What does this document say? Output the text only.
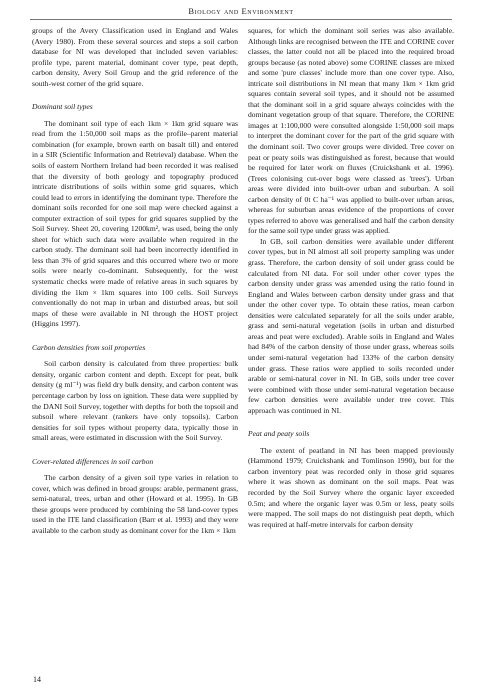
Biology and Environment

groups of the Avery Classification used in England and Wales (Avery 1980). From these several sources and steps a soil carbon database for NI was developed that included seven variables: profile type, parent material, dominant cover type, peat depth, carbon density, Avery Soil Group and the grid reference of the south-west corner of the grid square.

Dominant soil types

The dominant soil type of each 1km × 1km grid square was read from the 1:50,000 soil maps as the profile–parent material combination (for example, brown earth on basalt till) and entered in a SIR (Scientific Information and Retrieval) database. When the soils of eastern Northern Ireland had been recorded it was realised that the diversity of both geology and topography produced intricate distributions of soils within some grid squares, which could lead to errors in identifying the dominant type. Therefore the dominant soils recorded for one soil map were checked against a computer extraction of soil types for grid squares supplied by the Soil Survey. Sheet 20, covering 1200km², was used, being the only sheet for which such data were available when required in the carbon study. The dominant soil had been incorrectly identified in less than 3% of grid squares and this occurred where two or more soils were nearly co-dominant. Subsequently, for the west systematic checks were made of relative areas in such squares by dividing the 1km × 1km squares into 100 cells. Soil Surveys conventionally do not map in urban and disturbed areas, but soil maps of these were available in NI through the HOST project (Higgins 1997).

Carbon densities from soil properties

Soil carbon density is calculated from three properties: bulk density, organic carbon content and depth. Except for peat, bulk density (g ml⁻¹) was field dry bulk density, and carbon content was percentage carbon by loss on ignition. These data were supplied by the DANI Soil Survey, together with depths for both the topsoil and subsoil where relevant (rankers have only topsoils). Carbon densities for soil types without property data, typically those in small areas, were estimated in discussion with the Soil Survey.

Cover-related differences in soil carbon

The carbon density of a given soil type varies in relation to cover, which was defined in broad groups: arable, permanent grass, semi-natural, trees, urban and other (Howard et al. 1995). In GB these groups were produced by combining the 58 land-cover types used in the ITE land classification (Barr et al. 1993) and they were available to the carbon study as dominant cover for the 1km × 1km

squares, for which the dominant soil series was also available. Although links are recognised between the ITE and CORINE cover classes, the latter could not all be placed into the required broad groups because (as noted above) some CORINE classes are mixed and some 'pure classes' include more than one cover type. Also, intricate soil distributions in NI mean that many 1km × 1km grid squares contain several soil types, and it should not be assumed that the dominant soil in a grid square always coincides with the dominant vegetation group of that square. Therefore, the CORINE images at 1:100,000 were consulted alongside 1:50,000 soil maps to interpret the dominant cover for the part of the grid square with the dominant soil. Two cover groups were divided. Tree cover on peat or peaty soils was distinguished as forest, because that would be required for later work on fluxes (Cruickshank et al. 1996). (Trees colonising cut-over bogs were classed as 'trees'). Urban areas were divided into built-over urban and suburban. A soil carbon density of 0t C ha⁻¹ was applied to built-over urban areas, whereas for suburban areas evidence of the proportions of cover types referred to above was generalised and half the carbon density for the same soil type under grass was applied.

In GB, soil carbon densities were available under different cover types, but in NI almost all soil property sampling was under grass. Therefore, the carbon density of soil under grass could be calculated from NI data. For soil under other cover types the carbon density under grass was amended using the ratio found in England and Wales between carbon density under grass and that under the other cover type. To obtain these ratios, mean carbon densities were calculated separately for all the soils under arable, grass and semi-natural vegetation (soils in urban and disturbed areas and peat were excluded). Arable soils in England and Wales had 84% of the carbon density of those under grass, whereas soils under semi-natural vegetation had 133% of the carbon density under grass. These ratios were applied to soils recorded under arable or semi-natural cover in NI. In GB, soils under tree cover were combined with those under semi-natural vegetation because few carbon densities were available under tree cover. This approach was continued in NI.

Peat and peaty soils

The extent of peatland in NI has been mapped previously (Hammond 1979; Cruickshank and Tomlinson 1990), but for the carbon inventory peat was recorded only in those grid squares where it was shown as dominant on the soil maps. Peat was recorded by the Soil Survey where the organic layer exceeded 0.5m; and where the organic layer was 0.5m or less, peaty soils were mapped. The soil maps do not distinguish peat depth, which was required at half-metre intervals for carbon density

14
